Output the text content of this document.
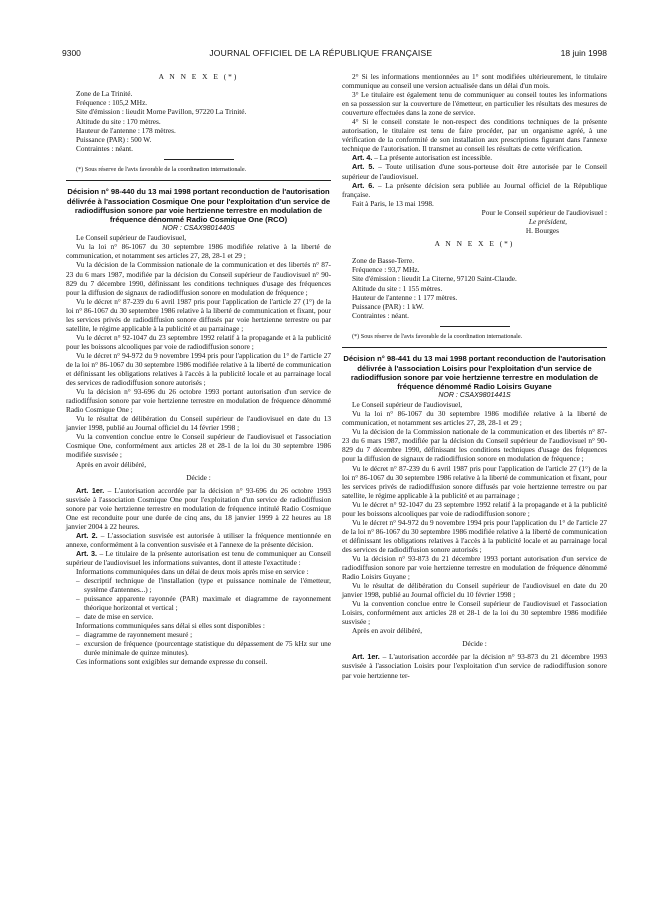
9300	JOURNAL OFFICIEL DE LA RÉPUBLIQUE FRANÇAISE	18 juin 1998

A N N E X E (*)

Zone de La Trinité.
Fréquence : 105,2 MHz.
Site d'émission : lieudit Morne Pavillon, 97220 La Trinité.
Altitude du site : 170 mètres.
Hauteur de l'antenne : 178 mètres.
Puissance (PAR) : 500 W.
Contraintes : néant.

(*) Sous réserve de l'avis favorable de la coordination internationale.

Décision n° 98-440 du 13 mai 1998 portant reconduction de l'autorisation délivrée à l'association Cosmique One pour l'exploitation d'un service de radiodiffusion sonore par voie hertzienne terrestre en modulation de fréquence dénommé Radio Cosmique One (RCO)

NOR : CSAX9801440S

Le Conseil supérieur de l'audiovisuel,

Vu la loi n° 86-1067 du 30 septembre 1986 modifiée relative à la liberté de communication, et notamment ses articles 27, 28, 28-1 et 29 ;

Vu la décision de la Commission nationale de la communication et des libertés n° 87-23 du 6 mars 1987, modifiée par la décision du Conseil supérieur de l'audiovisuel n° 90-829 du 7 décembre 1990, définissant les conditions techniques d'usage des fréquences pour la diffusion de signaux de radiodiffusion sonore en modulation de fréquence ;

Vu le décret n° 87-239 du 6 avril 1987 pris pour l'application de l'article 27 (1°) de la loi n° 86-1067 du 30 septembre 1986 relative à la liberté de communication et fixant, pour les services privés de radiodiffusion sonore diffusés par voie hertzienne terrestre ou par satellite, le régime applicable à la publicité et au parrainage ;

Vu le décret n° 92-1047 du 23 septembre 1992 relatif à la propagande et à la publicité pour les boissons alcooliques par voie de radiodiffusion sonore ;

Vu le décret n° 94-972 du 9 novembre 1994 pris pour l'application du 1° de l'article 27 de la loi n° 86-1067 du 30 septembre 1986 modifiée relative à la liberté de communication et définissant les obligations relatives à l'accès à la publicité locale et au parrainage local des services de radiodiffusion sonore autorisés ;

Vu la décision n° 93-696 du 26 octobre 1993 portant autorisation d'un service de radiodiffusion sonore par voie hertzienne terrestre en modulation de fréquence dénommé Radio Cosmique One ;

Vu le résultat de délibération du Conseil supérieur de l'audiovisuel en date du 13 janvier 1998, publié au Journal officiel du 14 février 1998 ;

Vu la convention conclue entre le Conseil supérieur de l'audiovisuel et l'association Cosmique One, conformément aux articles 28 et 28-1 de la loi du 30 septembre 1986 modifiée susvisée ;

Après en avoir délibéré,

Décide :

Art. 1er. – L'autorisation accordée par la décision n° 93-696 du 26 octobre 1993 susvisée à l'association Cosmique One pour l'exploitation d'un service de radiodiffusion sonore par voie hertzienne terrestre en modulation de fréquence intitulé Radio Cosmique One est reconduite pour une durée de cinq ans, du 18 janvier 1999 à 22 heures au 18 janvier 2004 à 22 heures.

Art. 2. – L'association susvisée est autorisée à utiliser la fréquence mentionnée en annexe, conformément à la convention susvisée et à l'annexe de la présente décision.

Art. 3. – Le titulaire de la présente autorisation est tenu de communiquer au Conseil supérieur de l'audiovisuel les informations suivantes, dont il atteste l'exactitude :

Informations communiquées dans un délai de deux mois après mise en service :

– descriptif technique de l'installation (type et puissance nominale de l'émetteur, système d'antennes...) ;
– puissance apparente rayonnée (PAR) maximale et diagramme de rayonnement théorique horizontal et vertical ;
– date de mise en service.

Informations communiquées sans délai si elles sont disponibles :

– diagramme de rayonnement mesuré ;
– excursion de fréquence (pourcentage statistique du dépassement de 75 kHz sur une durée minimale de quinze minutes).

Ces informations sont exigibles sur demande expresse du conseil.

2° Si les informations mentionnées au 1° sont modifiées ultérieurement, le titulaire communique au conseil une version actualisée dans un délai d'un mois.

3° Le titulaire est également tenu de communiquer au conseil toutes les informations en sa possession sur la couverture de l'émetteur, en particulier les résultats des mesures de couverture effectuées dans la zone de service.

4° Si le conseil constate le non-respect des conditions techniques de la présente autorisation, le titulaire est tenu de faire procéder, par un organisme agréé, à une vérification de la conformité de son installation aux prescriptions figurant dans l'annexe technique de l'autorisation. Il transmet au conseil les résultats de cette vérification.

Art. 4. – La présente autorisation est incessible.

Art. 5. – Toute utilisation d'une sous-porteuse doit être autorisée par le Conseil supérieur de l'audiovisuel.

Art. 6. – La présente décision sera publiée au Journal officiel de la République française.

Fait à Paris, le 13 mai 1998.

Pour le Conseil supérieur de l'audiovisuel :

Le président,

H. Bourges

A N N E X E (*)

Zone de Basse-Terre.
Fréquence : 93,7 MHz.
Site d'émission : lieudit La Citerne, 97120 Saint-Claude.
Altitude du site : 1 155 mètres.
Hauteur de l'antenne : 1 177 mètres.
Puissance (PAR) : 1 kW.
Contraintes : néant.

(*) Sous réserve de l'avis favorable de la coordination internationale.

Décision n° 98-441 du 13 mai 1998 portant reconduction de l'autorisation délivrée à l'association Loisirs pour l'exploitation d'un service de radiodiffusion sonore par voie hertzienne terrestre en modulation de fréquence dénommé Radio Loisirs Guyane

NOR : CSAX9801441S

Le Conseil supérieur de l'audiovisuel,

Vu la loi n° 86-1067 du 30 septembre 1986 modifiée relative à la liberté de communication, et notamment ses articles 27, 28, 28-1 et 29 ;

Vu la décision de la Commission nationale de la communication et des libertés n° 87-23 du 6 mars 1987, modifiée par la décision du Conseil supérieur de l'audiovisuel n° 90-829 du 7 décembre 1990, définissant les conditions techniques d'usage des fréquences pour la diffusion de signaux de radiodiffusion sonore en modulation de fréquence ;

Vu le décret n° 87-239 du 6 avril 1987 pris pour l'application de l'article 27 (1°) de la loi n° 86-1067 du 30 septembre 1986 relative à la liberté de communication et fixant, pour les services privés de radiodiffusion sonore diffusés par voie hertzienne terrestre ou par satellite, le régime applicable à la publicité et au parrainage ;

Vu le décret n° 92-1047 du 23 septembre 1992 relatif à la propagande et à la publicité pour les boissons alcooliques par voie de radiodiffusion sonore ;

Vu le décret n° 94-972 du 9 novembre 1994 pris pour l'application du 1° de l'article 27 de la loi n° 86-1067 du 30 septembre 1986 modifiée relative à la liberté de communication et définissant les obligations relatives à l'accès à la publicité locale et au parrainage local des services de radiodiffusion sonore autorisés ;

Vu la décision n° 93-873 du 21 décembre 1993 portant autorisation d'un service de radiodiffusion sonore par voie hertzienne terrestre en modulation de fréquence dénommé Radio Loisirs Guyane ;

Vu le résultat de délibération du Conseil supérieur de l'audiovisuel en date du 20 janvier 1998, publié au Journal officiel du 10 février 1998 ;

Vu la convention conclue entre le Conseil supérieur de l'audiovisuel et l'association Loisirs, conformément aux articles 28 et 28-1 de la loi du 30 septembre 1986 modifiée susvisée ;

Après en avoir délibéré,

Décide :

Art. 1er. – L'autorisation accordée par la décision n° 93-873 du 21 décembre 1993 susvisée à l'association Loisirs pour l'exploitation d'un service de radiodiffusion sonore par voie hertzienne ter-
